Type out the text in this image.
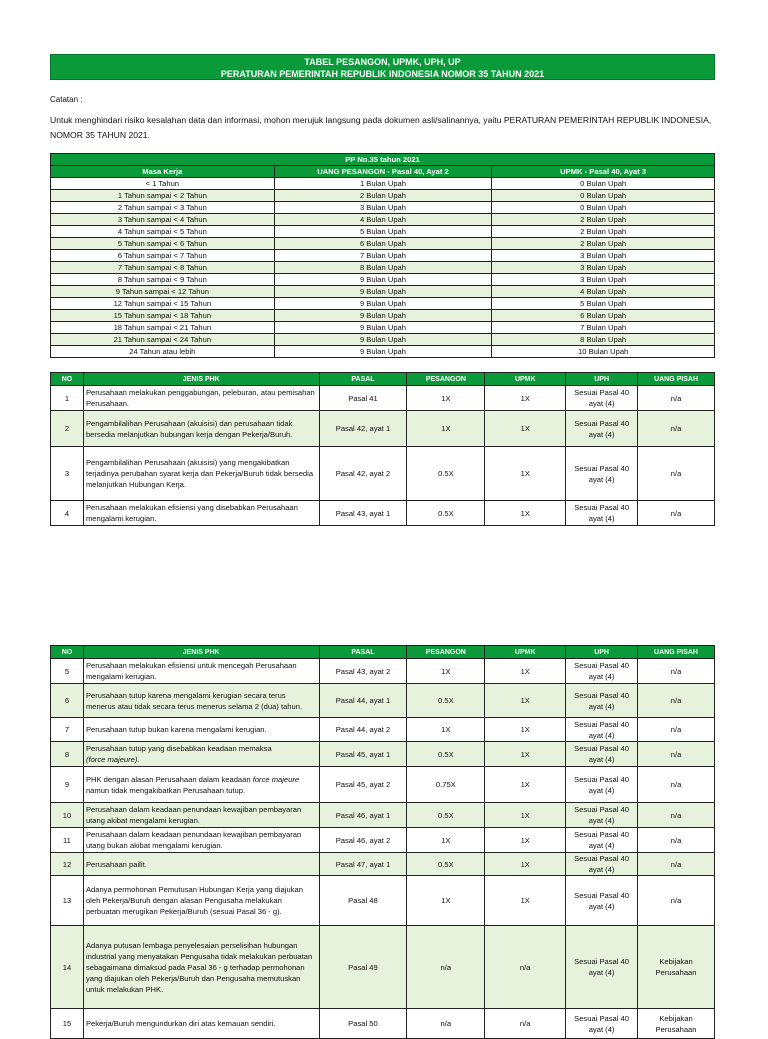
TABEL PESANGON, UPMK, UPH, UP
PERATURAN PEMERINTAH REPUBLIK INDONESIA NOMOR 35 TAHUN 2021
Catatan :
Untuk menghindari risiko kesalahan data dan informasi, mohon merujuk langsung pada dokumen asli/salinannya, yaitu PERATURAN PEMERINTAH REPUBLIK INDONESIA, NOMOR 35 TAHUN 2021.
PP No.35 tahun 2021		
Masa Kerja	UANG PESANGON - Pasal 40, Ayat 2	UPMK - Pasal 40, Ayat 3
< 1 Tahun	1 Bulan Upah	0 Bulan Upah
1 Tahun sampai < 2 Tahun	2 Bulan Upah	0 Bulan Upah
2 Tahun sampai < 3 Tahun	3 Bulan Upah	0 Bulan Upah
3 Tahun sampai < 4 Tahun	4 Bulan Upah	2 Bulan Upah
4 Tahun sampai < 5 Tahun	5 Bulan Upah	2 Bulan Upah
5 Tahun sampai < 6 Tahun	6 Bulan Upah	2 Bulan Upah
6 Tahun sampai < 7 Tahun	7 Bulan Upah	3 Bulan Upah
7 Tahun sampai < 8 Tahun	8 Bulan Upah	3 Bulan Upah
8 Tahun sampai < 9 Tahun	9 Bulan Upah	3 Bulan Upah
9 Tahun sampai < 12 Tahun	9 Bulan Upah	4 Bulan Upah
12 Tahun sampai < 15 Tahun	9 Bulan Upah	5 Bulan Upah
15 Tahun sampai < 18 Tahun	9 Bulan Upah	6 Bulan Upah
18 Tahun sampai < 21 Tahun	9 Bulan Upah	7 Bulan Upah
21 Tahun sampai < 24 Tahun	9 Bulan Upah	8 Bulan Upah
24 Tahun atau lebih	9 Bulan Upah	10 Bulan Upah
NO	JENIS PHK	PASAL	PESANGON	UPMK	UPH	UANG PISAH
1	Perusahaan melakukan penggabungan, peleburan, atau pemisahan Perusahaan.	Pasal 41	1X	1X	Sesuai Pasal 40 ayat (4)	n/a
2	Pengambilalihan Perusahaan (akuisisi) dan perusahaan tidak bersedia melanjutkan hubungan kerja dengan Pekerja/Buruh.	Pasal 42, ayat 1	1X	1X	Sesuai Pasal 40 ayat (4)	n/a
3	Pengambilalihan Perusahaan (akuisisi) yang mengakibatkan terjadinya perubahan syarat kerja dan Pekerja/Buruh tidak bersedia melanjutkan Hubungan Kerja.	Pasal 42, ayat 2	0.5X	1X	Sesuai Pasal 40 ayat (4)	n/a
4	Perusahaan melakukan efisiensi yang disebabkan Perusahaan mengalami kerugian.	Pasal 43, ayat 1	0.5X	1X	Sesuai Pasal 40 ayat (4)	n/a
NO	JENIS PHK	PASAL	PESANGON	UPMK	UPH	UANG PISAH
5	Perusahaan melakukan efisiensi untuk mencegah Perusahaan mengalami kerugian.	Pasal 43, ayat 2	1X	1X	Sesuai Pasal 40 ayat (4)	n/a
6	Perusahaan tutup karena mengalami kerugian secara terus menerus atau tidak secara terus menerus selama 2 (dua) tahun.	Pasal 44, ayat 1	0.5X	1X	Sesuai Pasal 40 ayat (4)	n/a
7	Perusahaan tutup bukan karena mengalami kerugian.	Pasal 44, ayat 2	1X	1X	Sesuai Pasal 40 ayat (4)	n/a
8	Perusahaan tutup yang disebabkan keadaan memaksa
(force majeure).	Pasal 45, ayat 1	0.5X	1X	Sesuai Pasal 40 ayat (4)	n/a
9	PHK dengan alasan Perusahaan dalam keadaan force majeure namun tidak mengakibatkan Perusahaan tutup.	Pasal 45, ayat 2	0.75X	1X	Sesuai Pasal 40 ayat (4)	n/a
10	Perusahaan dalam keadaan penundaan kewajiban pembayaran utang akibat mengalami kerugian.	Pasal 46, ayat 1	0.5X	1X	Sesuai Pasal 40 ayat (4)	n/a
11	Perusahaan dalam keadaan penundaan kewajiban pembayaran utang bukan akibat mengalami kerugian.	Pasal 46, ayat 2	1X	1X	Sesuai Pasal 40 ayat (4)	n/a
12	Perusahaan pailit.	Pasal 47, ayat 1	0.5X	1X	Sesuai Pasal 40 ayat (4)	n/a
13	Adanya permohonan Pemutusan Hubungan Kerja yang diajukan oleh Pekerja/Buruh dengan alasan Pengusaha melakukan perbuatan merugikan Pekerja/Buruh (sesuai Pasal 36 - g).	Pasal 48	1X	1X	Sesuai Pasal 40 ayat (4)	n/a
14	Adanya putusan lembaga penyelesaian perselisihan hubungan industrial yang menyatakan Pengusaha tidak melakukan perbuatan sebagaimana dimaksud pada Pasal 36 - g terhadap permohonan yang diajukan oleh Pekerja/Buruh dan Pengusaha memutuskan untuk melakukan PHK.	Pasal 49	n/a	n/a	Sesuai Pasal 40 ayat (4)	Kebijakan Perusahaan
15	Pekerja/Buruh mengundurkan diri atas kemauan sendiri.	Pasal 50	n/a	n/a	Sesuai Pasal 40 ayat (4)	Kebijakan Perusahaan
